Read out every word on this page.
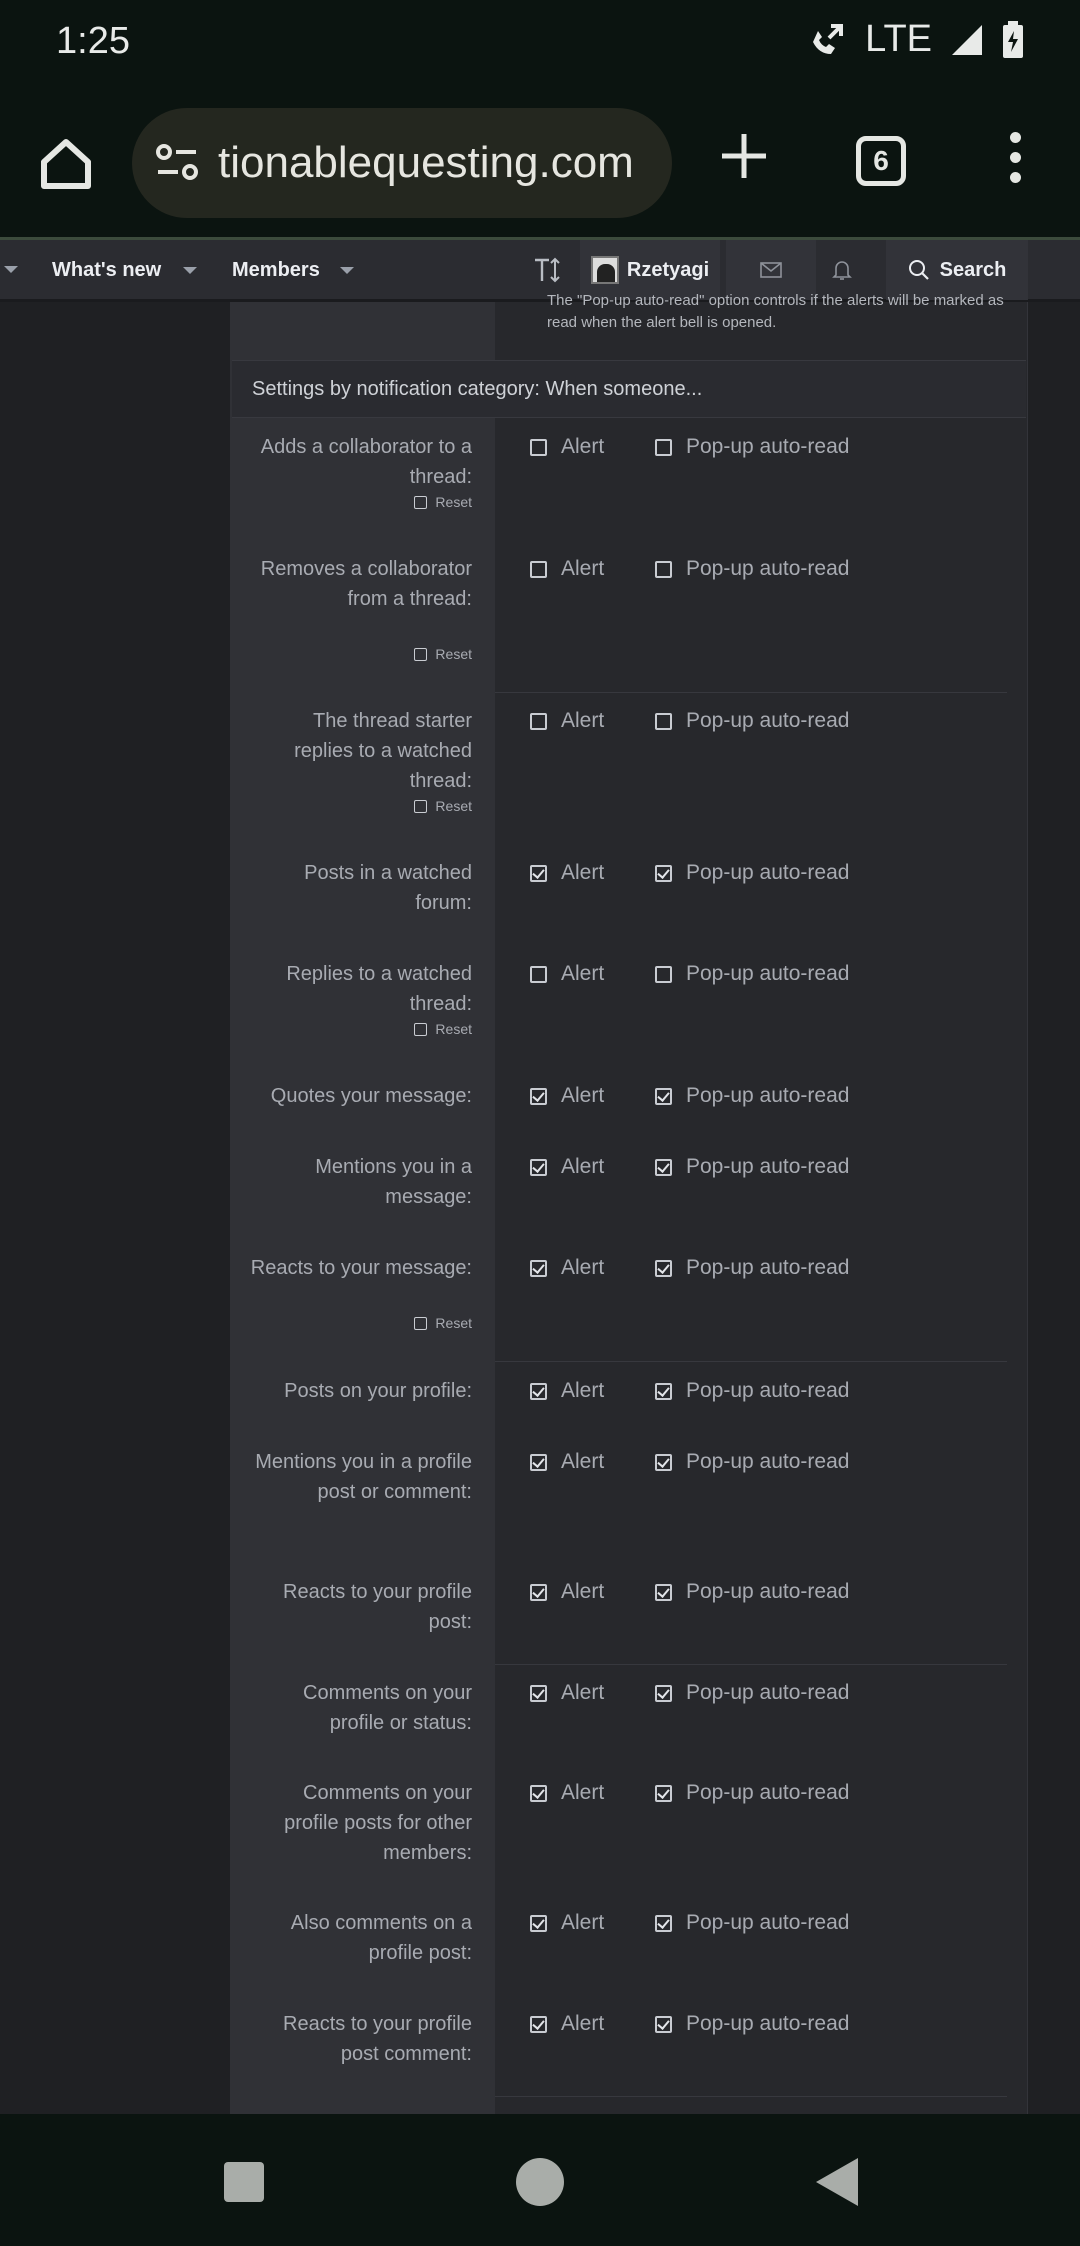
1:25	LTE
tionablequesting.com	6
What's new	Members	Rzetyagi	Search
The "Pop-up auto-read" option controls if the alerts will be marked as read when the alert bell is opened.
Settings by notification category: When someone...
Adds a collaborator to a thread:
Reset
Alert	Pop-up auto-read
Removes a collaborator from a thread:
Reset
Alert	Pop-up auto-read
The thread starter replies to a watched thread:
Reset
Alert	Pop-up auto-read
Posts in a watched forum:
Alert	Pop-up auto-read
Replies to a watched thread:
Reset
Alert	Pop-up auto-read
Quotes your message:	Alert	Pop-up auto-read
Mentions you in a message:
Alert	Pop-up auto-read
Reacts to your message:
Reset
Alert	Pop-up auto-read
Posts on your profile:	Alert	Pop-up auto-read
Mentions you in a profile post or comment:
Alert	Pop-up auto-read
Reacts to your profile post:
Alert	Pop-up auto-read
Comments on your profile or status:
Alert	Pop-up auto-read
Comments on your profile posts for other members:
Alert	Pop-up auto-read
Also comments on a profile post:
Alert	Pop-up auto-read
Reacts to your profile post comment:
Alert	Pop-up auto-read
